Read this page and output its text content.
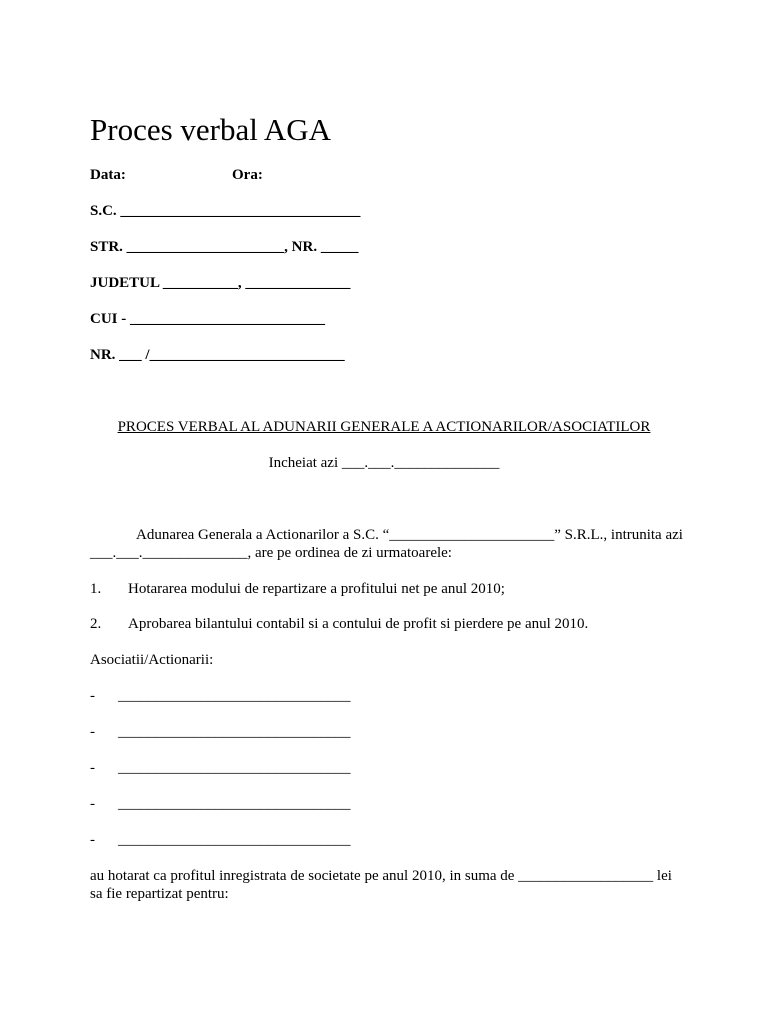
Proces verbal AGA
Data:	Ora:
S.C. ________________________________
STR. _____________________, NR. _____
JUDETUL __________, ______________
CUI - __________________________
NR. ___ /__________________________
PROCES VERBAL AL ADUNARII GENERALE A ACTIONARILOR/ASOCIATILOR
Incheiat azi ___.___.______________
Adunarea Generala a Actionarilor a S.C. “______________________” S.R.L., intrunita azi
___.___.______________, are pe ordinea de zi urmatoarele:
1. Hotararea modului de repartizare a profitului net pe anul 2010;
2. Aprobarea bilantului contabil si a contului de profit si pierdere pe anul 2010.
Asociatii/Actionarii:
- _______________________________
- _______________________________
- _______________________________
- _______________________________
- _______________________________
au hotarat ca profitul inregistrata de societate pe anul 2010, in suma de __________________ lei
sa fie repartizat pentru:
